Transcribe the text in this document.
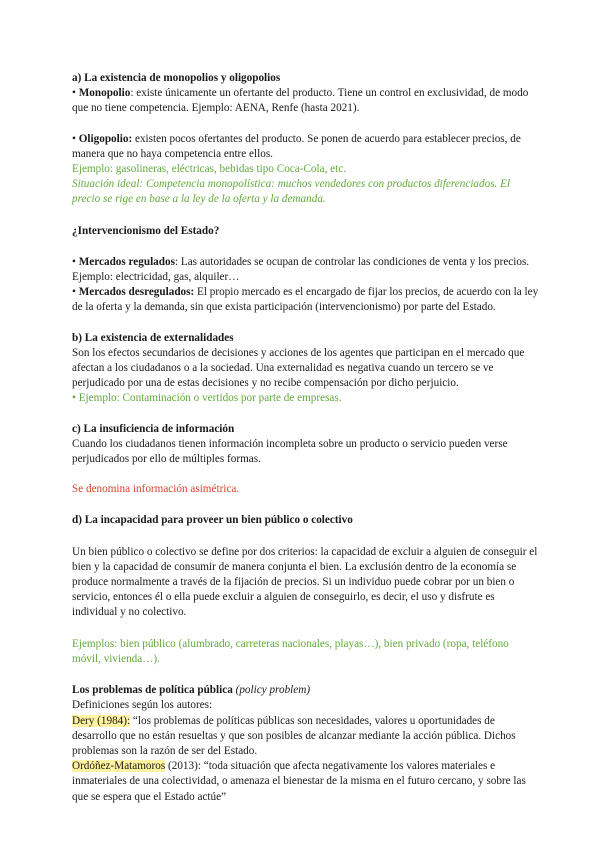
a) La existencia de monopolios y oligopolios

• Monopolio: existe únicamente un ofertante del producto. Tiene un control en exclusividad, de modo que no tiene competencia. Ejemplo: AENA, Renfe (hasta 2021).

• Oligopolio: existen pocos ofertantes del producto. Se ponen de acuerdo para establecer precios, de manera que no haya competencia entre ellos.

Ejemplo: gasolineras, eléctricas, bebidas tipo Coca-Cola, etc.

Situación ideal: Competencia monopolística: muchos vendedores con productos diferenciados. El precio se rige en base a la ley de la oferta y la demanda.

¿Intervencionismo del Estado?

• Mercados regulados: Las autoridades se ocupan de controlar las condiciones de venta y los precios. Ejemplo: electricidad, gas, alquiler…

• Mercados desregulados: El propio mercado es el encargado de fijar los precios, de acuerdo con la ley de la oferta y la demanda, sin que exista participación (intervencionismo) por parte del Estado.

b) La existencia de externalidades

Son los efectos secundarios de decisiones y acciones de los agentes que participan en el mercado que afectan a los ciudadanos o a la sociedad. Una externalidad es negativa cuando un tercero se ve perjudicado por una de estas decisiones y no recibe compensación por dicho perjuicio.

• Ejemplo: Contaminación o vertidos por parte de empresas.

c) La insuficiencia de información

Cuando los ciudadanos tienen información incompleta sobre un producto o servicio pueden verse perjudicados por ello de múltiples formas.

Se denomina información asimétrica.

d) La incapacidad para proveer un bien público o colectivo

Un bien público o colectivo se define por dos criterios: la capacidad de excluir a alguien de conseguir el bien y la capacidad de consumir de manera conjunta el bien. La exclusión dentro de la economía se produce normalmente a través de la fijación de precios. Si un individuo puede cobrar por un bien o servicio, entonces él o ella puede excluir a alguien de conseguirlo, es decir, el uso y disfrute es individual y no colectivo.

Ejemplos: bien público (alumbrado, carreteras nacionales, playas…), bien privado (ropa, teléfono móvil, vivienda…).

Los problemas de política pública (policy problem)

Definiciones según los autores:

Dery (1984): “los problemas de políticas públicas son necesidades, valores u oportunidades de desarrollo que no están resueltas y que son posibles de alcanzar mediante la acción pública. Dichos problemas son la razón de ser del Estado.

Ordóñez-Matamoros (2013): “toda situación que afecta negativamente los valores materiales e inmateriales de una colectividad, o amenaza el bienestar de la misma en el futuro cercano, y sobre las que se espera que el Estado actúe”
